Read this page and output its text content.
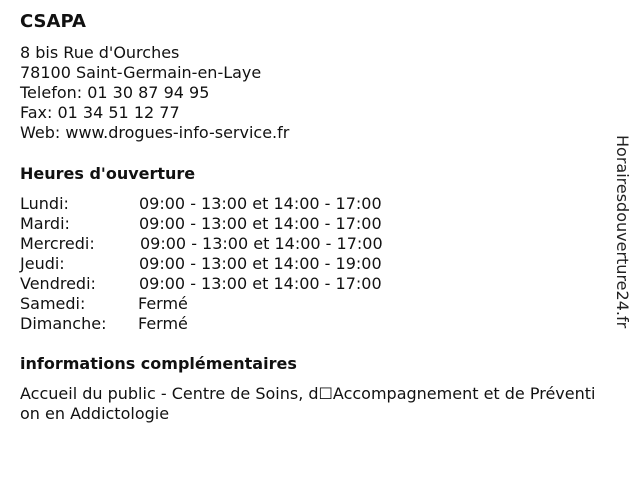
CSAPA
8 bis Rue d'Ourches
78100 Saint-Germain-en-Laye
Telefon: 01 30 87 94 95
Fax: 01 34 51 12 77
Web: www.drogues-info-service.fr
Heures d'ouverture
Lundi:	09:00 - 13:00 et 14:00 - 17:00
Mardi:	09:00 - 13:00 et 14:00 - 17:00
Mercredi:	09:00 - 13:00 et 14:00 - 17:00
Jeudi:	09:00 - 13:00 et 14:00 - 19:00
Vendredi:	09:00 - 13:00 et 14:00 - 17:00
Samedi:	Fermé
Dimanche: Fermé
informations complémentaires
Accueil du public - Centre de Soins, d☐Accompagnement et de Prévention en Addictologie
Horairesdouverture24.fr
